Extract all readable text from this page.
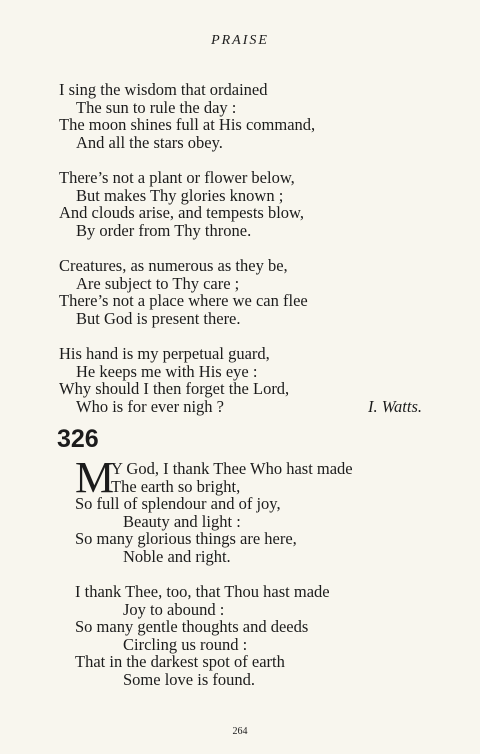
PRAISE
I sing the wisdom that ordained
The sun to rule the day :
The moon shines full at His command,
And all the stars obey.
There’s not a plant or flower below,
But makes Thy glories known ;
And clouds arise, and tempests blow,
By order from Thy throne.
Creatures, as numerous as they be,
Are subject to Thy care ;
There’s not a place where we can flee
But God is present there.
His hand is my perpetual guard,
He keeps me with His eye :
Why should I then forget the Lord,
Who is for ever nigh ?	I. Watts.
326
M
Y God, I thank Thee Who hast made
The earth so bright,
So full of splendour and of joy,
Beauty and light :
So many glorious things are here,
Noble and right.
I thank Thee, too, that Thou hast made
Joy to abound :
So many gentle thoughts and deeds
Circling us round :
That in the darkest spot of earth
Some love is found.
264
